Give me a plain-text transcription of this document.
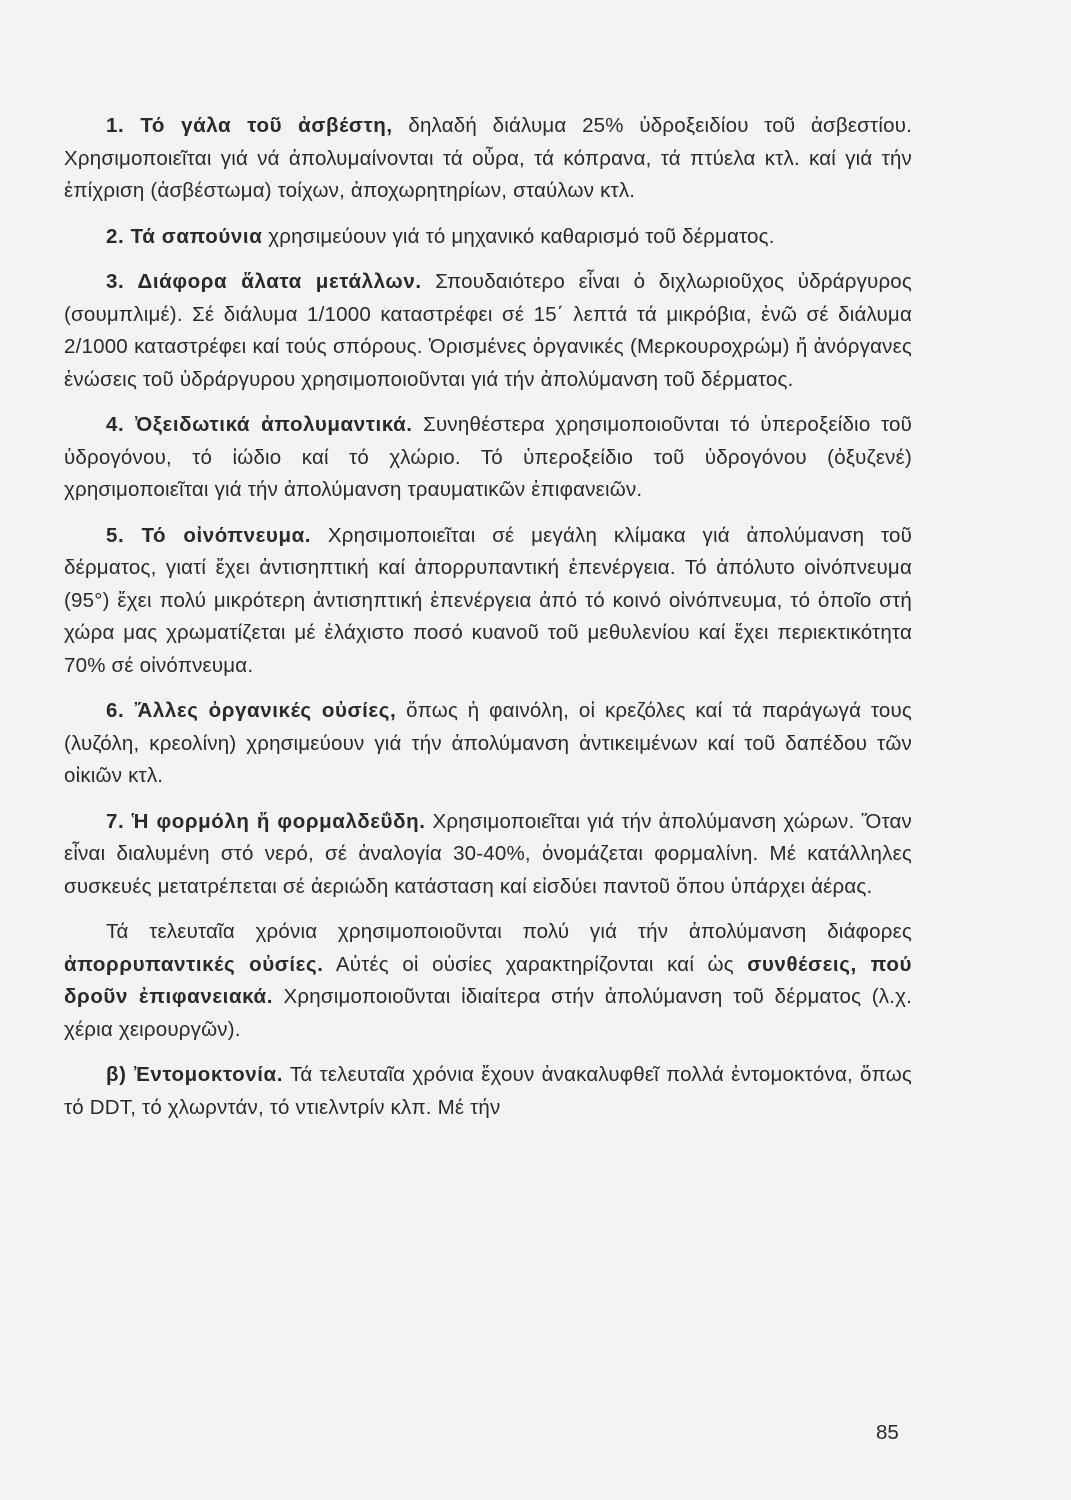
1. Τό γάλα τοῦ ἀσβέστη, δηλαδή διάλυμα 25% ὑδροξειδίου τοῦ ἀσβεστίου. Χρησιμοποιεῖται γιά νά ἀπολυμαίνονται τά οὖρα, τά κόπρανα, τά πτύελα κτλ. καί γιά τήν ἐπίχριση (ἀσβέστωμα) τοίχων, ἀποχωρητηρίων, σταύλων κτλ.

2. Τά σαπούνια χρησιμεύουν γιά τό μηχανικό καθαρισμό τοῦ δέρματος.

3. Διάφορα ἅλατα μετάλλων. Σπουδαιότερο εἶναι ὁ διχλωριοῦχος ὑδράργυρος (σουμπλιμέ). Σέ διάλυμα 1/1000 καταστρέφει σέ 15΄ λεπτά τά μικρόβια, ἐνῶ σέ διάλυμα 2/1000 καταστρέφει καί τούς σπόρους. Ὁρισμένες ὀργανικές (Μερκουροχρώμ) ἤ ἀνόργανες ἑνώσεις τοῦ ὑδράργυρου χρησιμοποιοῦνται γιά τήν ἀπολύμανση τοῦ δέρματος.

4. Ὀξειδωτικά ἀπολυμαντικά. Συνηθέστερα χρησιμοποιοῦνται τό ὑπεροξείδιο τοῦ ὑδρογόνου, τό ἰώδιο καί τό χλώριο. Τό ὑπεροξείδιο τοῦ ὑδρογόνου (ὀξυζενέ) χρησιμοποιεῖται γιά τήν ἀπολύμανση τραυματικῶν ἐπιφανειῶν.

5. Τό οἰνόπνευμα. Χρησιμοποιεῖται σέ μεγάλη κλίμακα γιά ἀπολύμανση τοῦ δέρματος, γιατί ἔχει ἀντισηπτική καί ἀπορρυπαντική ἐπενέργεια. Τό ἀπόλυτο οἰνόπνευμα (95°) ἔχει πολύ μικρότερη ἀντισηπτική ἐπενέργεια ἀπό τό κοινό οἰνόπνευμα, τό ὁποῖο στή χώρα μας χρωματίζεται μέ ἐλάχιστο ποσό κυανοῦ τοῦ μεθυλενίου καί ἔχει περιεκτικότητα 70% σέ οἰνόπνευμα.

6. Ἄλλες ὀργανικές οὐσίες, ὅπως ἡ φαινόλη, οἱ κρεζόλες καί τά παράγωγά τους (λυζόλη, κρεολίνη) χρησιμεύουν γιά τήν ἀπολύμανση ἀντικειμένων καί τοῦ δαπέδου τῶν οἰκιῶν κτλ.

7. Ἡ φορμόλη ἤ φορμαλδεΰδη. Χρησιμοποιεῖται γιά τήν ἀπολύμανση χώρων. Ὅταν εἶναι διαλυμένη στό νερό, σέ ἀναλογία 30-40%, ὀνομάζεται φορμαλίνη. Μέ κατάλληλες συσκευές μετατρέπεται σέ ἀεριώδη κατάσταση καί εἰσδύει παντοῦ ὅπου ὑπάρχει ἀέρας.

Τά τελευταῖα χρόνια χρησιμοποιοῦνται πολύ γιά τήν ἀπολύμανση διάφορες ἀπορρυπαντικές οὐσίες. Αὐτές οἱ οὐσίες χαρακτηρίζονται καί ὡς συνθέσεις, πού δροῦν ἐπιφανειακά. Χρησιμοποιοῦνται ἰδιαίτερα στήν ἀπολύμανση τοῦ δέρματος (λ.χ. χέρια χειρουργῶν).

β) Ἐντομοκτονία. Τά τελευταῖα χρόνια ἔχουν ἀνακαλυφθεῖ πολλά ἐντομοκτόνα, ὅπως τό DDT, τό χλωρντάν, τό ντιελντρίν κλπ. Μέ τήν

85
